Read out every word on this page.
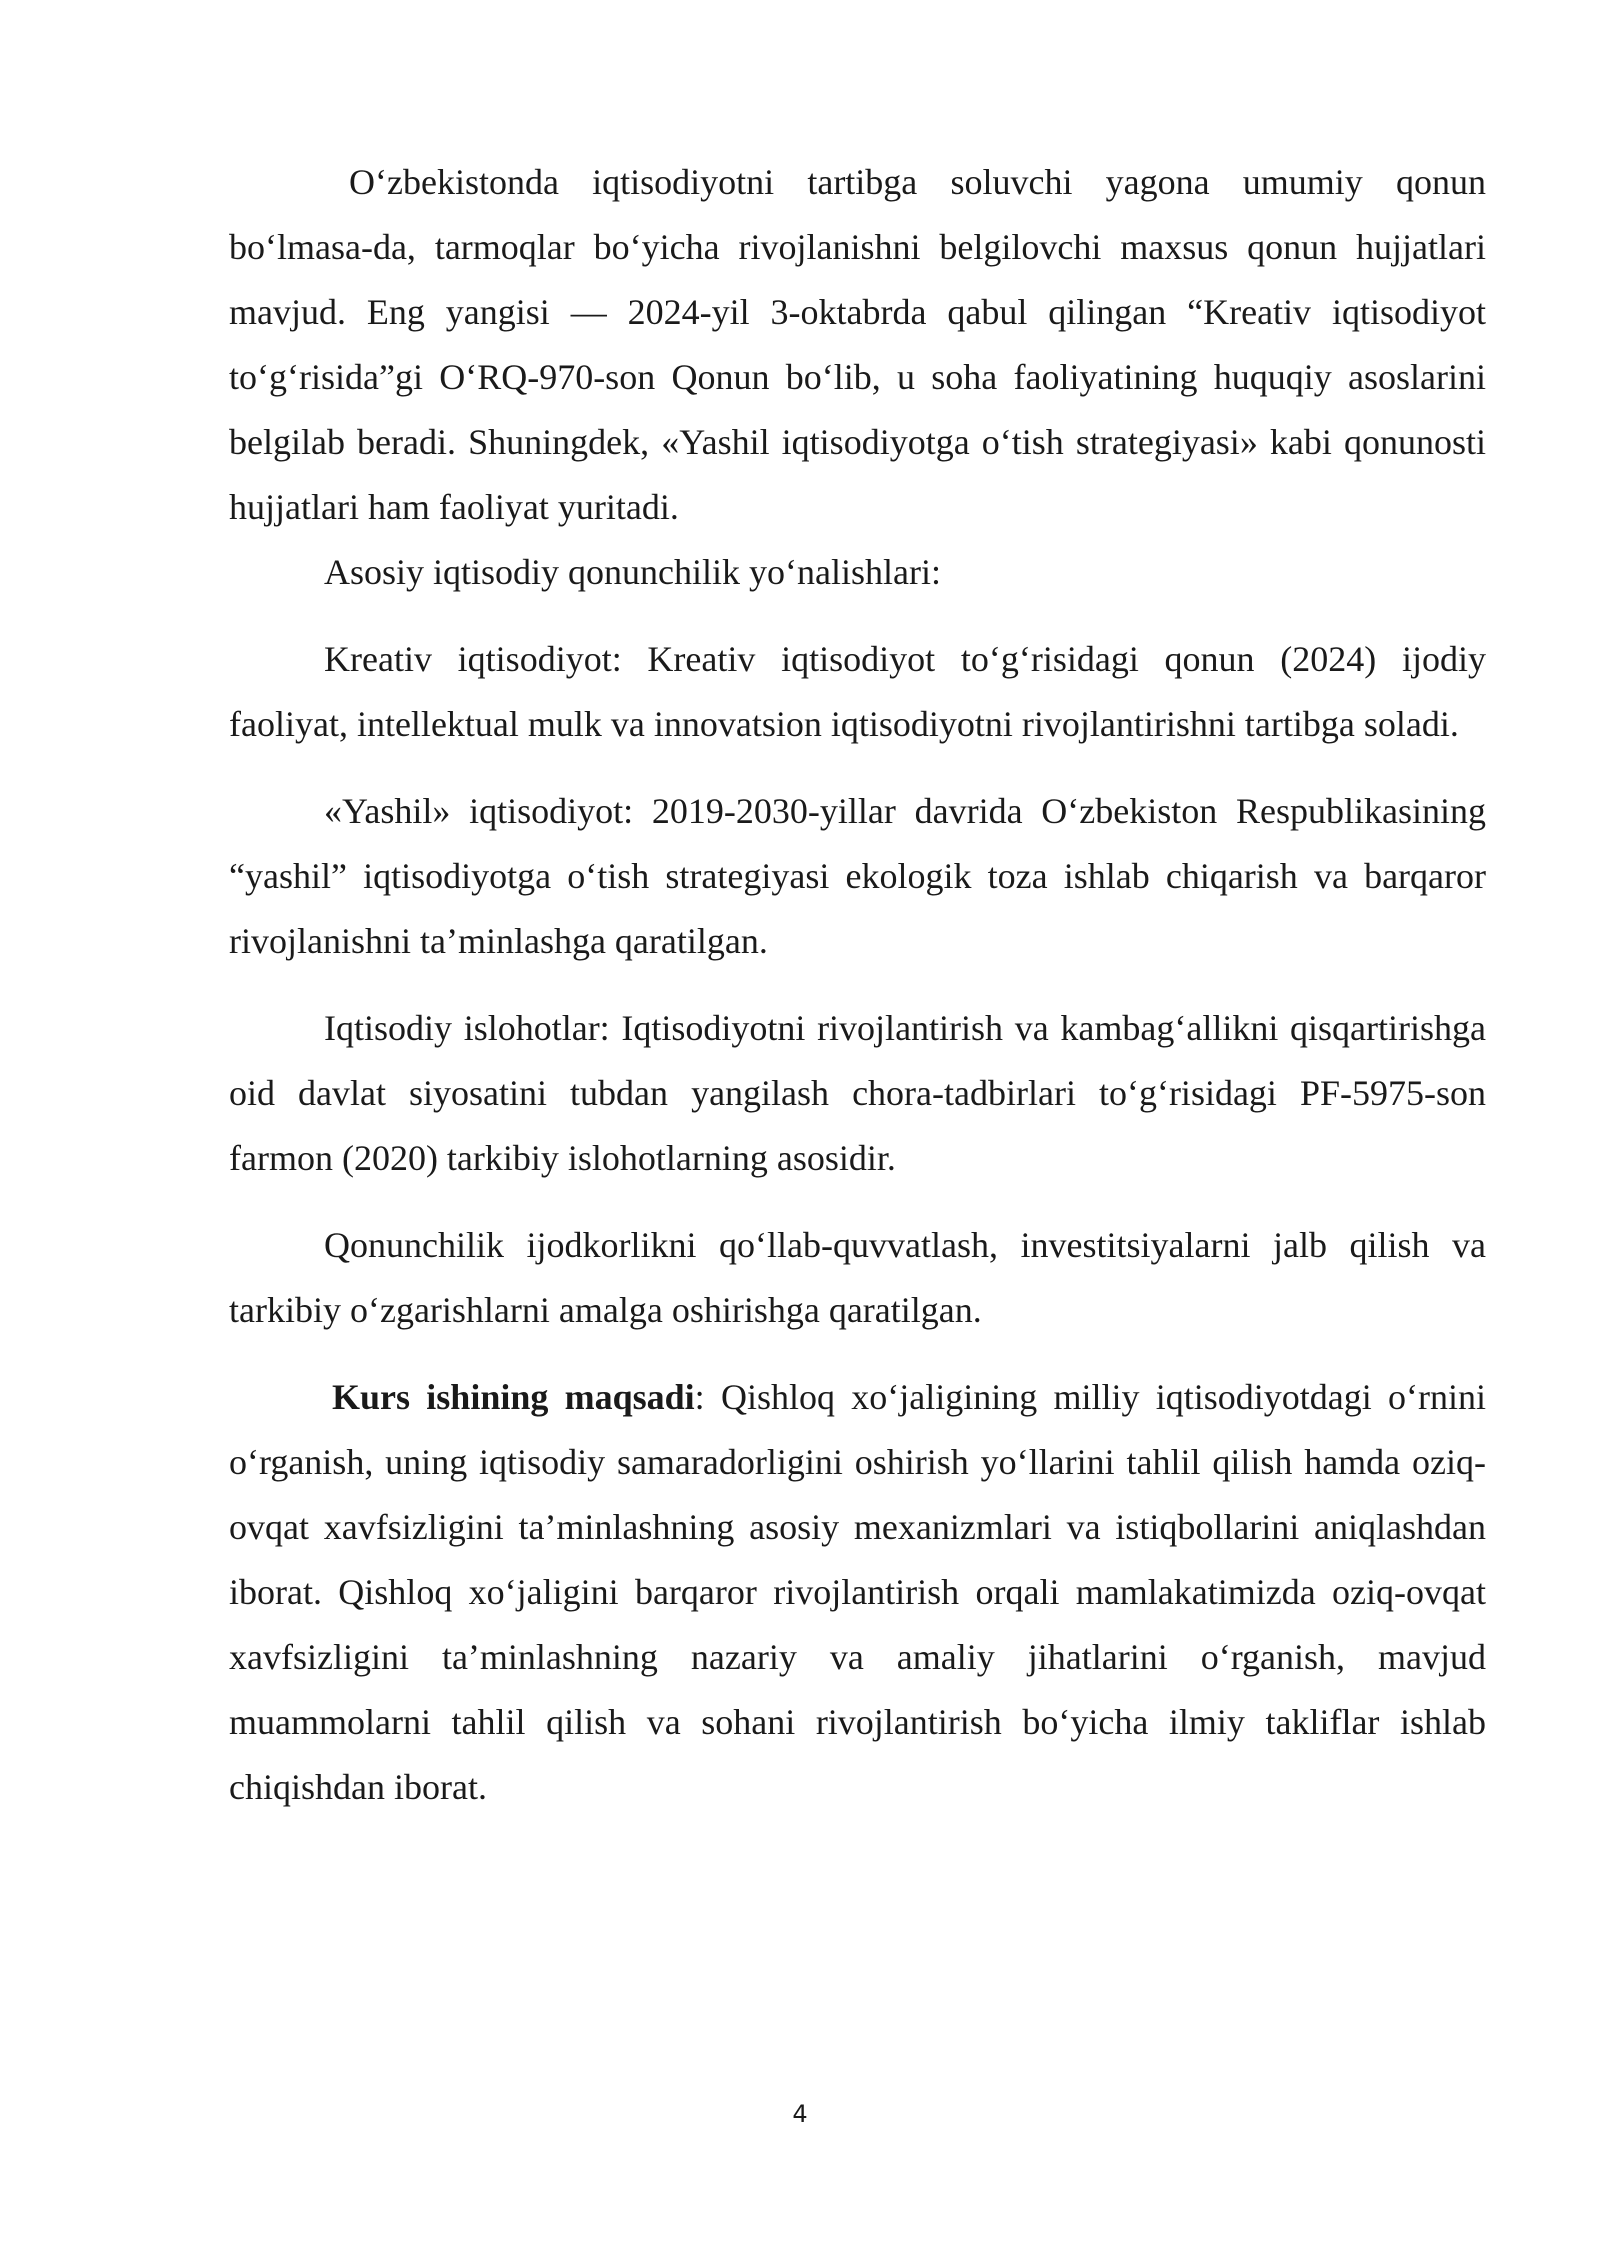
O‘zbekistonda iqtisodiyotni tartibga soluvchi yagona umumiy qonun bo‘lmasa-da, tarmoqlar bo‘yicha rivojlanishni belgilovchi maxsus qonun hujjatlari mavjud. Eng yangisi — 2024-yil 3-oktabrda qabul qilingan “Kreativ iqtisodiyot to‘g‘risida”gi O‘RQ-970-son Qonun bo‘lib, u soha faoliyatining huquqiy asoslarini belgilab beradi. Shuningdek, «Yashil iqtisodiyotga o‘tish strategiyasi» kabi qonunosti hujjatlari ham faoliyat yuritadi.

Asosiy iqtisodiy qonunchilik yo‘nalishlari:

Kreativ iqtisodiyot: Kreativ iqtisodiyot to‘g‘risidagi qonun (2024) ijodiy faoliyat, intellektual mulk va innovatsion iqtisodiyotni rivojlantirishni tartibga soladi.

«Yashil» iqtisodiyot: 2019-2030-yillar davrida O‘zbekiston Respublikasining “yashil” iqtisodiyotga o‘tish strategiyasi ekologik toza ishlab chiqarish va barqaror rivojlanishni ta’minlashga qaratilgan.

Iqtisodiy islohotlar: Iqtisodiyotni rivojlantirish va kambag‘allikni qisqartirishga oid davlat siyosatini tubdan yangilash chora-tadbirlari to‘g‘risidagi PF-5975-son farmon (2020) tarkibiy islohotlarning asosidir.

Qonunchilik ijodkorlikni qo‘llab-quvvatlash, investitsiyalarni jalb qilish va tarkibiy o‘zgarishlarni amalga oshirishga qaratilgan.

Kurs ishining maqsadi: Qishloq xo‘jaligining milliy iqtisodiyotdagi o‘rnini o‘rganish, uning iqtisodiy samaradorligini oshirish yo‘llarini tahlil qilish hamda oziq-ovqat xavfsizligini ta’minlashning asosiy mexanizmlari va istiqbollarini aniqlashdan iborat. Qishloq xo‘jaligini barqaror rivojlantirish orqali mamlakatimizda oziq-ovqat xavfsizligini ta’minlashning nazariy va amaliy jihatlarini o‘rganish, mavjud muammolarni tahlil qilish va sohani rivojlantirish bo‘yicha ilmiy takliflar ishlab chiqishdan iborat.

4
